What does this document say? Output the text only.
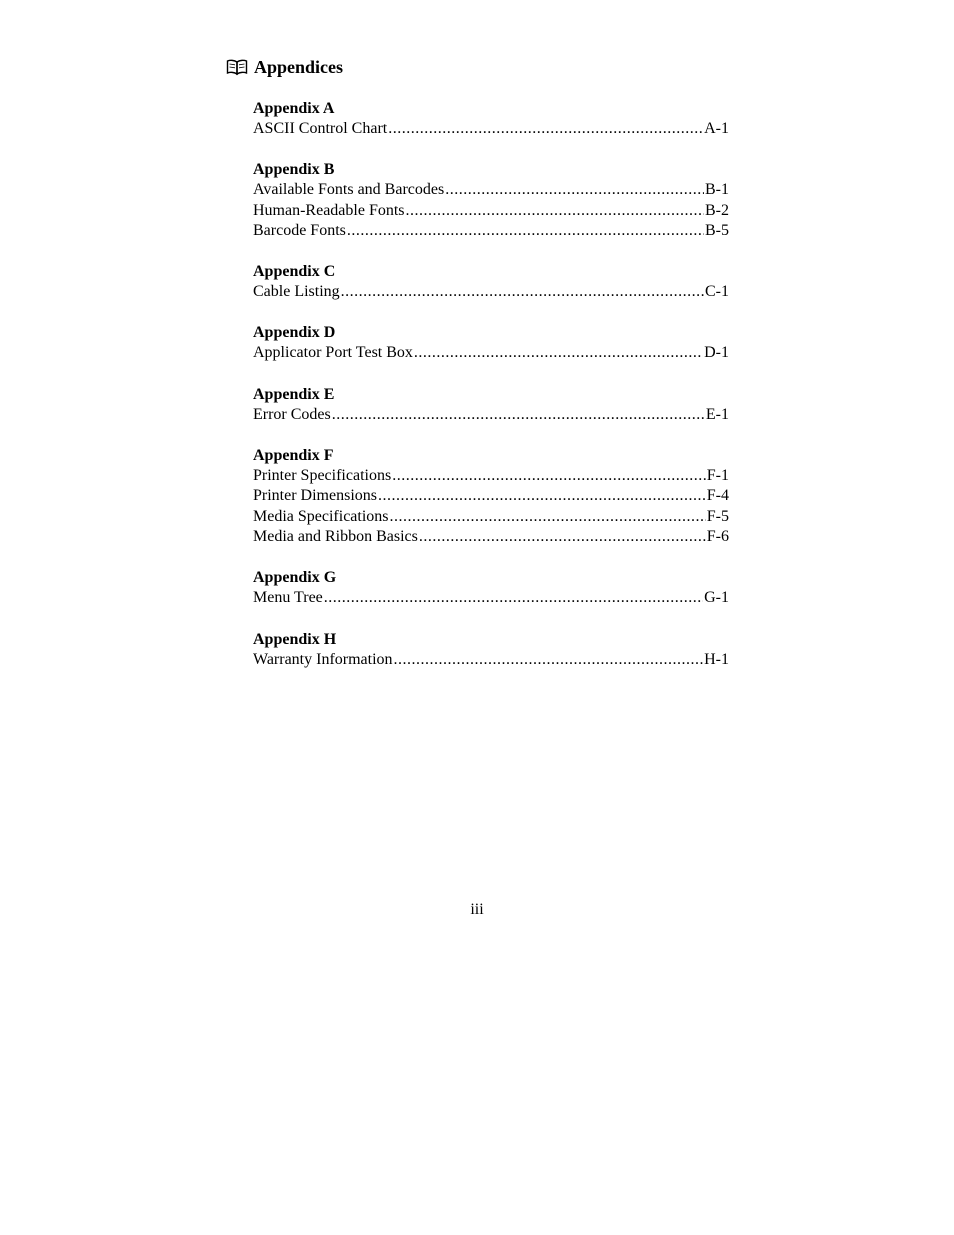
Appendices
Appendix A
ASCII Control Chart .....	A-1
Appendix B
Available Fonts and Barcodes .....	B-1
Human-Readable Fonts .....	B-2
Barcode Fonts .....	B-5
Appendix C
Cable Listing .....	C-1
Appendix D
Applicator Port Test Box .....	D-1
Appendix E
Error Codes .....	E-1
Appendix F
Printer Specifications .....	F-1
Printer Dimensions .....	F-4
Media Specifications .....	F-5
Media and Ribbon Basics .....	F-6
Appendix G
Menu Tree .....	G-1
Appendix H
Warranty Information .....	H-1
iii
